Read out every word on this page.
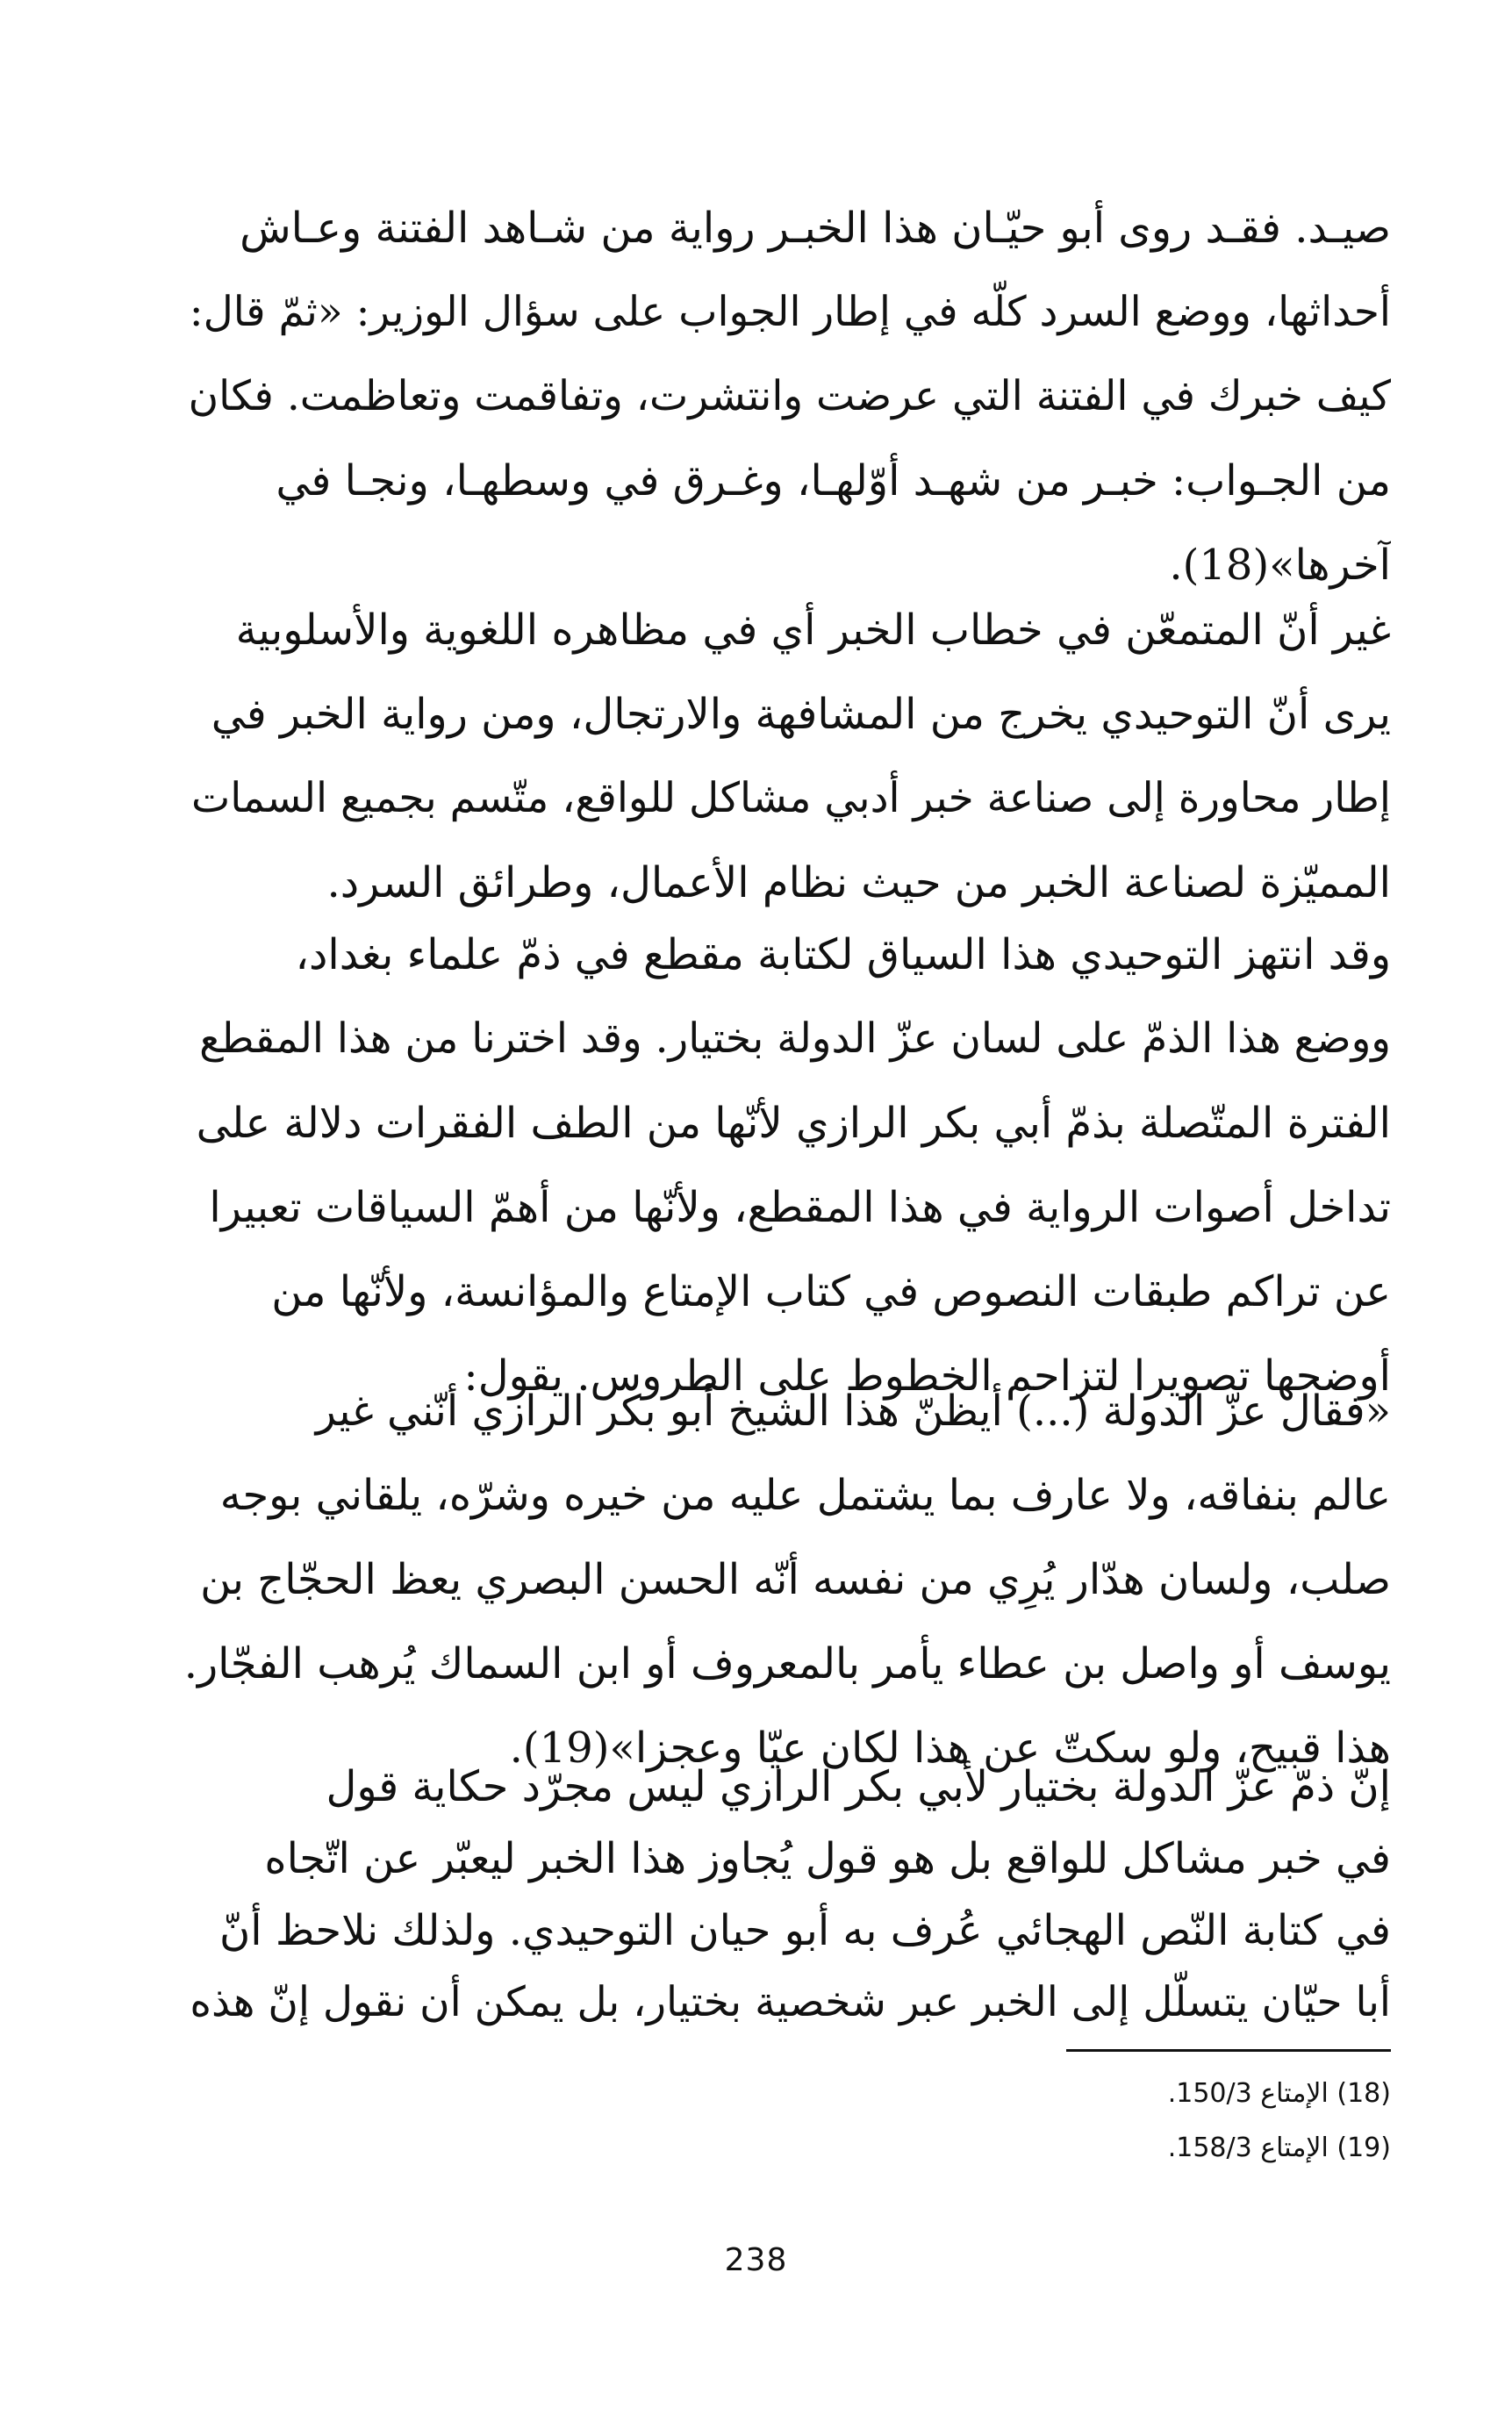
صيـد. فقـد روى أبو حيّـان هذا الخبـر رواية من شـاهد الفتنة وعـاش
أحداثها، ووضع السرد كلّه في إطار الجواب على سؤال الوزير: «ثمّ قال:
كيف خبرك في الفتنة التي عرضت وانتشرت، وتفاقمت وتعاظمت. فكان
من الجـواب: خبـر من شهـد أوّلهـا، وغـرق في وسطهـا، ونجـا في
آخرها»(18).
غير أنّ المتمعّن في خطاب الخبر أي في مظاهره اللغوية والأسلوبية
يرى أنّ التوحيدي يخرج من المشافهة والارتجال، ومن رواية الخبر في
إطار محاورة إلى صناعة خبر أدبي مشاكل للواقع، متّسم بجميع السمات
المميّزة لصناعة الخبر من حيث نظام الأعمال، وطرائق السرد.
وقد انتهز التوحيدي هذا السياق لكتابة مقطع في ذمّ علماء بغداد،
ووضع هذا الذمّ على لسان عزّ الدولة بختيار. وقد اخترنا من هذا المقطع
الفترة المتّصلة بذمّ أبي بكر الرازي لأنّها من الطف الفقرات دلالة على
تداخل أصوات الرواية في هذا المقطع، ولأنّها من أهمّ السياقات تعبيرا
عن تراكم طبقات النصوص في كتاب الإمتاع والمؤانسة، ولأنّها من
أوضحها تصويرا لتزاحم الخطوط على الطروس. يقول:
«فقال عزّ الدولة (...) أيظنّ هذا الشيخ أبو بكر الرازي أنّني غير
عالم بنفاقه، ولا عارف بما يشتمل عليه من خيره وشرّه، يلقاني بوجه
صلب، ولسان هدّار يُرِي من نفسه أنّه الحسن البصري يعظ الحجّاج بن
يوسف أو واصل بن عطاء يأمر بالمعروف أو ابن السماك يُرهب الفجّار.
هذا قبيح، ولو سكتّ عن هذا لكان عيّا وعجزا»(19).
إنّ ذمّ عزّ الدولة بختيار لأبي بكر الرازي ليس مجرّد حكاية قول
في خبر مشاكل للواقع بل هو قول يُجاوز هذا الخبر ليعبّر عن اتّجاه
في كتابة النّص الهجائي عُرف به أبو حيان التوحيدي. ولذلك نلاحظ أنّ
أبا حيّان يتسلّل إلى الخبر عبر شخصية بختيار، بل يمكن أن نقول إنّ هذه
(18) الإمتاع 150/3.
(19) الإمتاع 158/3.
238
